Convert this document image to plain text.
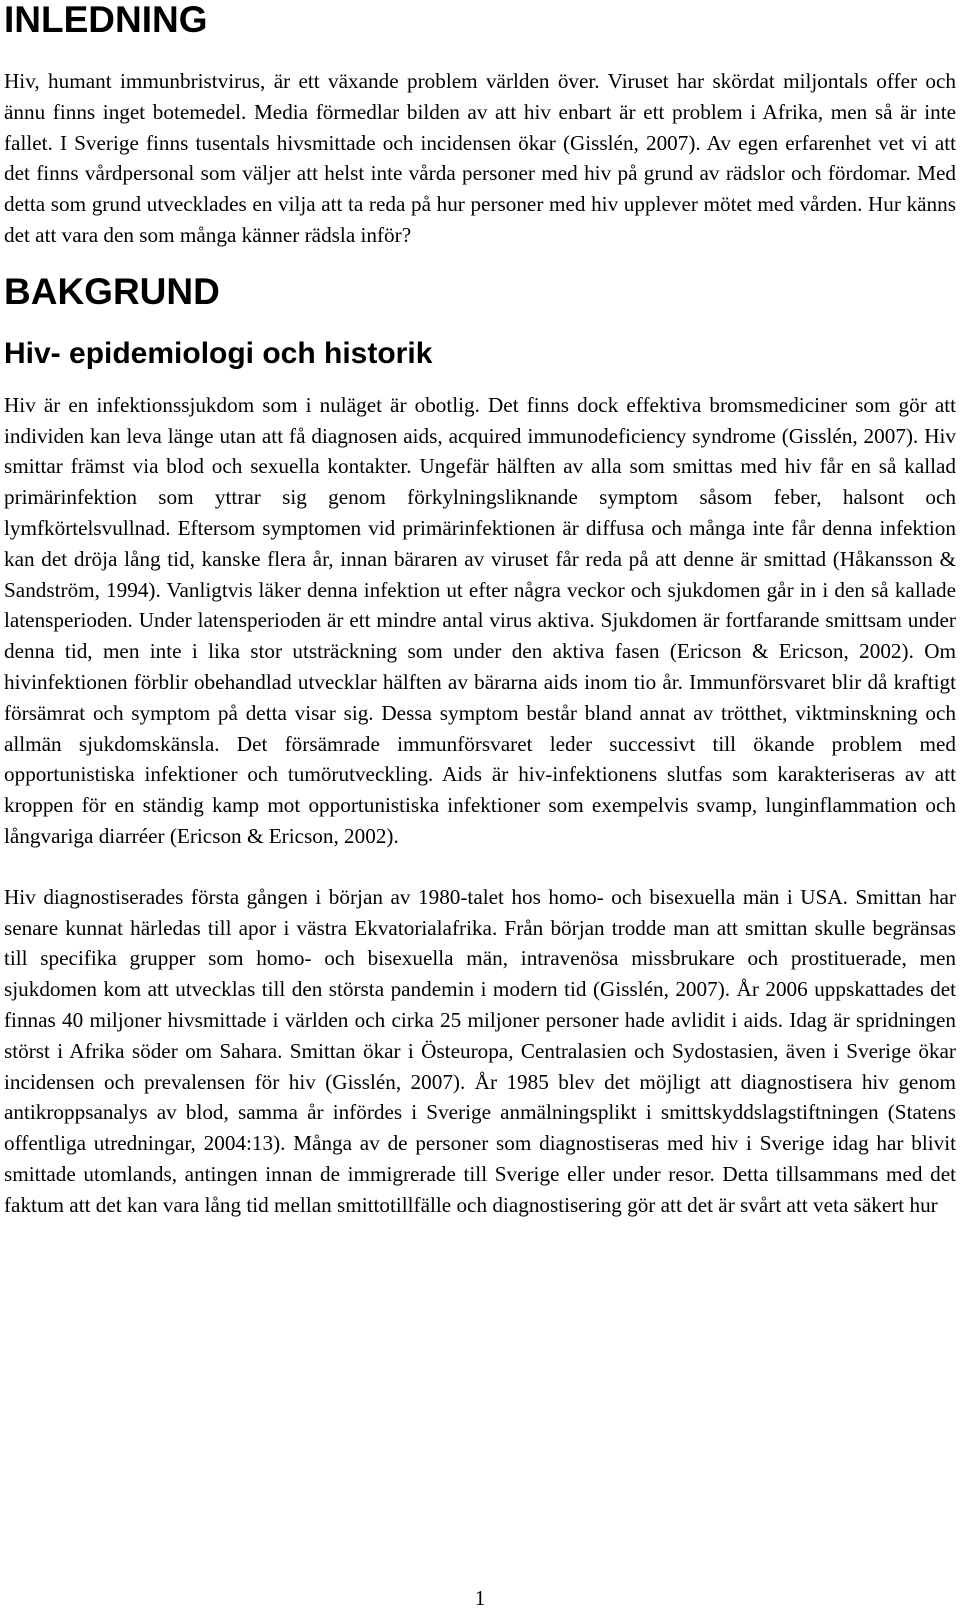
INLEDNING

Hiv, humant immunbristvirus, är ett växande problem världen över. Viruset har skördat miljontals offer och ännu finns inget botemedel. Media förmedlar bilden av att hiv enbart är ett problem i Afrika, men så är inte fallet. I Sverige finns tusentals hivsmittade och incidensen ökar (Gisslén, 2007). Av egen erfarenhet vet vi att det finns vårdpersonal som väljer att helst inte vårda personer med hiv på grund av rädslor och fördomar. Med detta som grund utvecklades en vilja att ta reda på hur personer med hiv upplever mötet med vården. Hur känns det att vara den som många känner rädsla inför?

BAKGRUND
Hiv- epidemiologi och historik

Hiv är en infektionssjukdom som i nuläget är obotlig. Det finns dock effektiva bromsmediciner som gör att individen kan leva länge utan att få diagnosen aids, acquired immunodeficiency syndrome (Gisslén, 2007). Hiv smittar främst via blod och sexuella kontakter. Ungefär hälften av alla som smittas med hiv får en så kallad primärinfektion som yttrar sig genom förkylningsliknande symptom såsom feber, halsont och lymfkörtelsvullnad. Eftersom symptomen vid primärinfektionen är diffusa och många inte får denna infektion kan det dröja lång tid, kanske flera år, innan bäraren av viruset får reda på att denne är smittad (Håkansson & Sandström, 1994). Vanligtvis läker denna infektion ut efter några veckor och sjukdomen går in i den så kallade latensperioden. Under latensperioden är ett mindre antal virus aktiva. Sjukdomen är fortfarande smittsam under denna tid, men inte i lika stor utsträckning som under den aktiva fasen (Ericson & Ericson, 2002). Om hivinfektionen förblir obehandlad utvecklar hälften av bärarna aids inom tio år. Immunförsvaret blir då kraftigt försämrat och symptom på detta visar sig. Dessa symptom består bland annat av trötthet, viktminskning och allmän sjukdomskänsla. Det försämrade immunförsvaret leder successivt till ökande problem med opportunistiska infektioner och tumörutveckling. Aids är hiv-infektionens slutfas som karakteriseras av att kroppen för en ständig kamp mot opportunistiska infektioner som exempelvis svamp, lunginflammation och långvariga diarréer (Ericson & Ericson, 2002).

Hiv diagnostiserades första gången i början av 1980-talet hos homo- och bisexuella män i USA. Smittan har senare kunnat härledas till apor i västra Ekvatorialafrika. Från början trodde man att smittan skulle begränsas till specifika grupper som homo- och bisexuella män, intravenösa missbrukare och prostituerade, men sjukdomen kom att utvecklas till den största pandemin i modern tid (Gisslén, 2007). År 2006 uppskattades det finnas 40 miljoner hivsmittade i världen och cirka 25 miljoner personer hade avlidit i aids. Idag är spridningen störst i Afrika söder om Sahara. Smittan ökar i Östeuropa, Centralasien och Sydostasien, även i Sverige ökar incidensen och prevalensen för hiv (Gisslén, 2007). År 1985 blev det möjligt att diagnostisera hiv genom antikroppsanalys av blod, samma år infördes i Sverige anmälningsplikt i smittskyddslagstiftningen (Statens offentliga utredningar, 2004:13). Många av de personer som diagnostiseras med hiv i Sverige idag har blivit smittade utomlands, antingen innan de immigrerade till Sverige eller under resor. Detta tillsammans med det faktum att det kan vara lång tid mellan smittotillfälle och diagnostisering gör att det är svårt att veta säkert hur

1
